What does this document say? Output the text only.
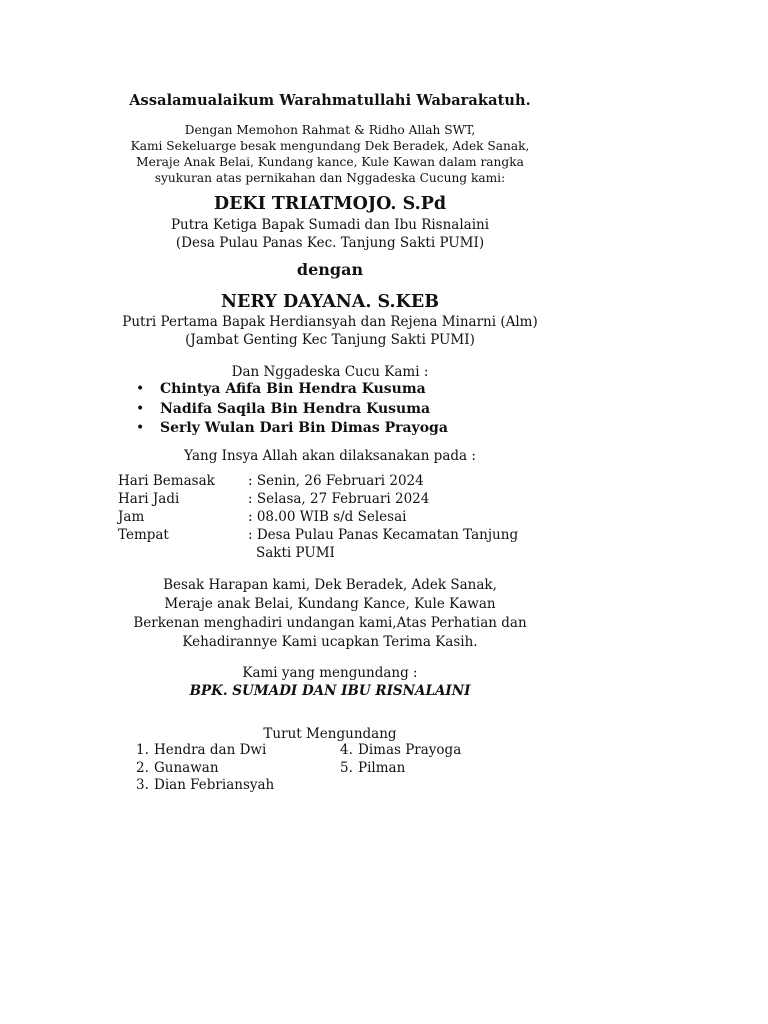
Assalamualaikum Warahmatullahi Wabarakatuh.
Dengan Memohon Rahmat & Ridho Allah SWT,
Kami Sekeluarge besak mengundang Dek Beradek, Adek Sanak,
Meraje Anak Belai, Kundang kance, Kule Kawan dalam rangka
syukuran atas pernikahan dan Nggadeska Cucung kami:
DEKI TRIATMOJO. S.Pd
Putra Ketiga Bapak Sumadi dan Ibu Risnalaini
(Desa Pulau Panas Kec. Tanjung Sakti PUMI)
dengan
NERY DAYANA. S.KEB
Putri Pertama Bapak Herdiansyah dan Rejena Minarni (Alm)
(Jambat Genting Kec Tanjung Sakti PUMI)
Dan Nggadeska Cucu Kami :
• Chintya Afifa Bin Hendra Kusuma
• Nadifa Saqila Bin Hendra Kusuma
• Serly Wulan Dari Bin Dimas Prayoga
Yang Insya Allah akan dilaksanakan pada :
Hari Bemasak : Senin, 26 Februari 2024
Hari Jadi	: Selasa, 27 Februari 2024
Jam	: 08.00 WIB s/d Selesai
Tempat	: Desa Pulau Panas Kecamatan Tanjung
Sakti PUMI
Besak Harapan kami, Dek Beradek, Adek Sanak,
Meraje anak Belai, Kundang Kance, Kule Kawan
Berkenan menghadiri undangan kami,Atas Perhatian dan
Kehadirannye Kami ucapkan Terima Kasih.
Kami yang mengundang :
BPK. SUMADI DAN IBU RISNALAINI
Turut Mengundang
1. Hendra dan Dwi
2. Gunawan
3. Dian Febriansyah
4. Dimas Prayoga
5. Pilman
